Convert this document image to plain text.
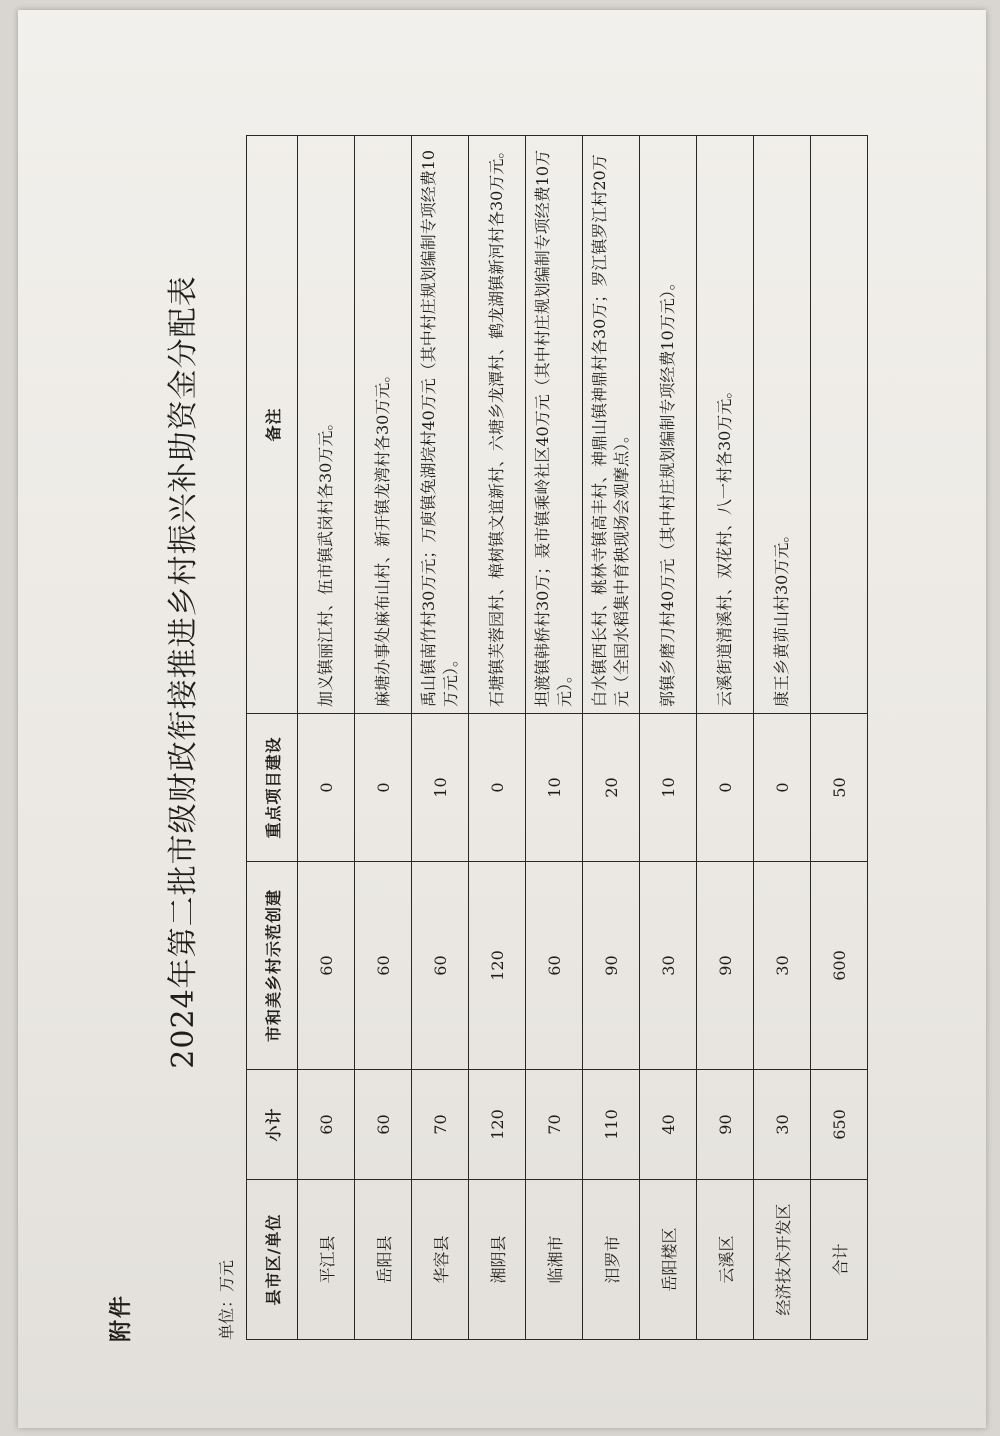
附件
2024年第二批市级财政衔接推进乡村振兴补助资金分配表
单位：万元 县市区/单位	小计	市和美乡村示范创建	重点项目建设	备注
平江县	60	60	0	加义镇丽江村、伍市镇武岗村各30万元。
岳阳县	60	60	0	麻塘办事处麻布山村、新开镇龙湾村各30万元。
华容县	70	60	10	禹山镇南竹村30万元；万庾镇兔湖垸村40万元（其中村庄规划编制专项经费10万元）。
湘阴县	120	120	0	石塘镇芙蓉园村、樟树镇文谊新村、六塘乡龙潭村、鹤龙湖镇新河村各30万元。
临湘市	70	60	10	坦渡镇韩桥村30万；聂市镇乘岭社区40万元（其中村庄规划编制专项经费10万元）。
汨罗市	110	90	20	白水镇西长村、桃林寺镇高丰村、神鼎山镇神鼎村各30万；罗江镇罗江村20万元（全国水稻集中育秧现场会观摩点）。
岳阳楼区	40	30	10	郭镇乡磨刀村40万元（其中村庄规划编制专项经费10万元）。
云溪区	90	90	0	云溪街道清溪村、双花村、八一村各30万元。
经济技术开发区	30	30	0	康王乡黄茆山村30万元。
合计	650	600	50	
